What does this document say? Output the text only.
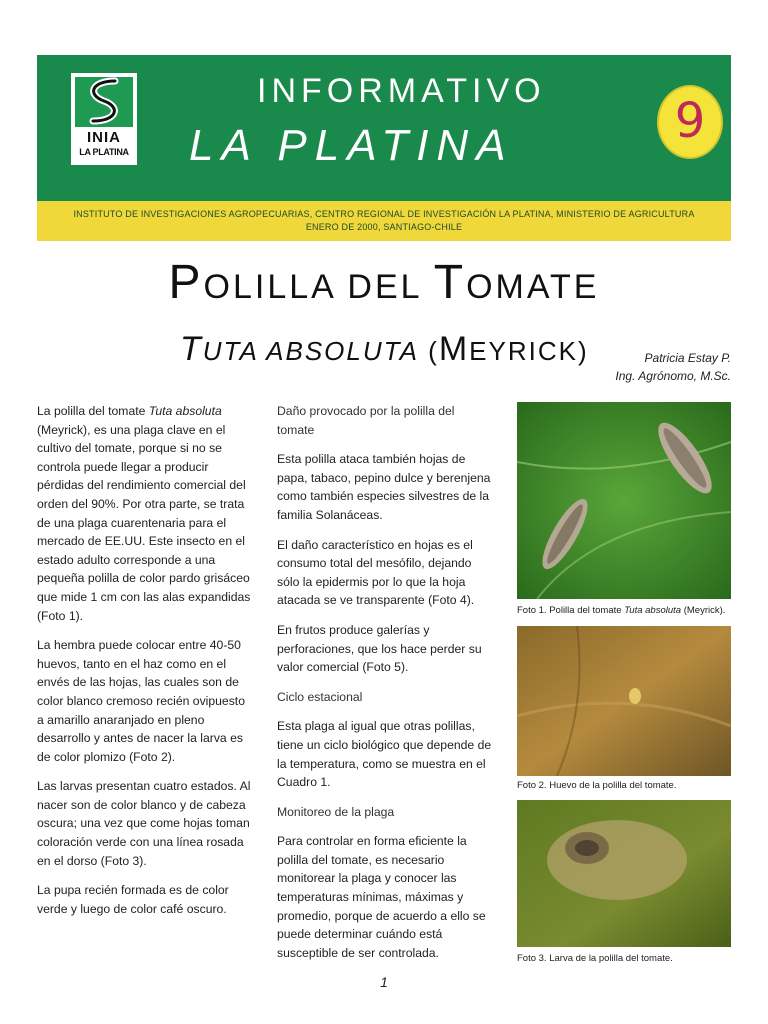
INIA
LA PLATINA
INFORMATIVO
LA PLATINA	9
INSTITUTO DE INVESTIGACIONES AGROPECUARIAS, CENTRO REGIONAL DE INVESTIGACIÓN LA PLATINA, MINISTERIO DE AGRICULTURA
ENERO DE 2000, SANTIAGO-CHILE
POLILLA DEL TOMATE
TUTA ABSOLUTA (MEYRICK)	Patricia Estay P.
Ing. Agrónomo, M.Sc.

La polilla del tomate Tuta absoluta (Meyrick), es una plaga clave en el cultivo del tomate, porque si no se controla puede llegar a producir pérdidas del rendimiento comercial del orden del 90%. Por otra parte, se trata de una plaga cuarentenaria para el mercado de EE.UU. Este insecto en el estado adulto corresponde a una pequeña polilla de color pardo grisáceo que mide 1 cm con las alas expandidas (Foto 1).

La hembra puede colocar entre 40-50 huevos, tanto en el haz como en el envés de las hojas, las cuales son de color blanco cremoso recién ovipuesto a amarillo anaranjado en pleno desarrollo y antes de nacer la larva es de color plomizo (Foto 2).

Las larvas presentan cuatro estados. Al nacer son de color blanco y de cabeza oscura; una vez que come hojas toman coloración verde con una línea rosada en el dorso (Foto 3).

La pupa recién formada es de color verde y luego de color café oscuro.

Daño provocado por la polilla del tomate

Esta polilla ataca también hojas de papa, tabaco, pepino dulce y berenjena como también especies silvestres de la familia Solanáceas.

El daño característico en hojas es el consumo total del mesófilo, dejando sólo la epidermis por lo que la hoja atacada se ve transparente (Foto 4).

En frutos produce galerías y perforaciones, que los hace perder su valor comercial (Foto 5).

Ciclo estacional

Esta plaga al igual que otras polillas, tiene un ciclo biológico que depende de la temperatura, como se muestra en el Cuadro 1.

Monitoreo de la plaga

Para controlar en forma eficiente la polilla del tomate, es necesario monitorear la plaga y conocer las temperaturas mínimas, máximas y promedio, porque de acuerdo a ello se puede determinar cuándo está susceptible de ser controlada.

Foto 1. Polilla del tomate Tuta absoluta (Meyrick).
Foto 2. Huevo de la polilla del tomate.
Foto 3. Larva de la polilla del tomate.
1
